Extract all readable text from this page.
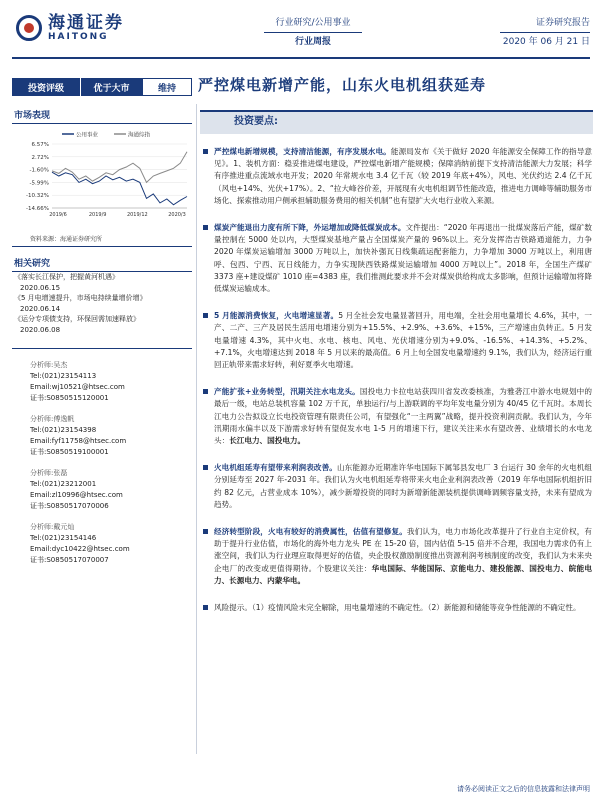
海通证券
HAITONG
行业研究/公用事业
行业周报
证券研究报告
2020 年 06 月 21 日
投资评级	优于大市	维持	严控煤电新增产能，山东火电机组获延寿
市场表现
公用事业	海通综指
6.57%
2.72%
-1.60%
-5.99%
-10.32%
-14.66%
2019/6	2019/9	2019/12	2020/3
资料来源：海通证券研究所
相关研究
《落实长江保护，把握黄河机遇》
2020.06.15
《5 月电增速提升，市场电持续量增价增》
2020.06.14
《运分专项债支持，环保回需加速释放》
2020.06.08
分析师:吴杰
Tel:(021)23154113
Email:wj10521@htsec.com
证书:S0850515120001
分析师:傅逸帆
Tel:(021)23154398
Email:fyf11758@htsec.com
证书:S0850519100001
分析师:张磊
Tel:(021)23212001
Email:zl10996@htsec.com
证书:S0850517070006
分析师:戴元灿
Tel:(021)23154146
Email:dyc10422@htsec.com
证书:S0850517070007
投资要点:

严控煤电新增规模，支持清洁能源，有序发展水电。能源局发布《关于做好 2020 年能源安全保障工作的指导意见》。1、装机方面：稳妥推进煤电建设，严控煤电新增产能规模；保障消纳前提下支持清洁能源大力发展；科学有序推进重点流域水电开发；2020 年常规水电 3.4 亿千瓦（较 2019 年底+4%），风电、光伏约达 2.4 亿千瓦（风电+14%、光伏+17%）。2、“拉大峰谷价差，开展现有火电机组调节性能改造，推进电力调峰等辅助服务市场化、探索推动用户侧承担辅助服务费用的相关机制”也有望扩大火电行业收入来源。

煤炭产能退出力度有所下降，外运增加或降低煤炭成本。文件提出：“2020 年再退出一批煤炭落后产能，煤矿数量控制在 5000 处以内，大型煤炭基地产量占全国煤炭产量的 96%以上。充分发挥浩吉铁路通道能力，力争 2020 年煤炭运输增加 3000 万吨以上，加快补强瓦日线集疏运配套能力，力争增加 3000 万吨以上，利用唐呼、包西、宁西、瓦日线能力，力争实现陕西铁路煤炭运输增加 4000 万吨以上”。2018 年，全国生产煤矿 3373 座+建设煤矿 1010 座=4383 座，我们推测此要求并不会对煤炭供给构成太多影响，但预计运输增加将降低煤炭运输成本。

5 月能源消费恢复，火电增速显著。5 月全社会发电量显著回升，用电端，全社会用电量增长 4.6%，其中，一产、二产、三产及居民生活用电增速分别为+15.5%、+2.9%、+3.6%、+15%，三产增速由负转正。5 月发电量增速 4.3%，其中火电、水电、核电、风电、光伏增速分别为+9.0%、-16.5%、+14.3%、+5.2%、+7.1%，火电增速达到 2018 年 5 月以来的最高值。6 月上旬全国发电量增速约 9.1%，我们认为，经济运行重回正轨带来需求好转，利好夏季火电增速。

产能扩张+业务转型，汛期关注水电龙头。国投电力卡拉电站获四川省发改委核准，为雅砻江中游水电规划中的最后一级，电站总装机容量 102 万千瓦，单独运行/与上游联调的平均年发电量分别为 40/45 亿千瓦时。本周长江电力公告拟设立长电投资管理有限责任公司，有望强化“一主两翼”战略，提升投资利润贡献。我们认为，今年汛期雨水偏丰以及下游需求好转有望促发水电 1-5 月的增速下行，建议关注来水有望改善、业绩增长的水电龙头：长江电力、国投电力。

火电机组延寿有望带来利润表改善。山东能源办近期准许华电国际下属邹县发电厂 3 台运行 30 余年的火电机组分别延寿至 2027 年-2031 年。我们认为火电机组延寿将带来火电企业利润表改善（2019 年华电国际机组折旧约 82 亿元，占营业成本 10%），减少新增投资的同时为新增新能源装机提供调峰调频容量支持，未来有望成为趋势。

经济转型阶段，火电有较好的消费属性，估值有望修复。我们认为，电力市场化改革提升了行业自主定价权，有助于提升行业估值，市场化的海外电力龙头 PE 在 15-20 倍，国内估值 5-15 倍并不合理，我国电力需求仍有上涨空间，我们认为行业理应取得更好的估值，央企股权激励制度推出资源利润考核制度的改变，我们认为未来央企电厂的改变或更值得期待。个股建议关注：华电国际、华能国际、京能电力、建投能源、国投电力、皖能电力、长源电力、内蒙华电。

风险提示。（1）疫情风险未完全解除，用电量增速的不确定性。（2）新能源和储能等竞争性能源的不确定性。

请务必阅读正文之后的信息披露和法律声明
